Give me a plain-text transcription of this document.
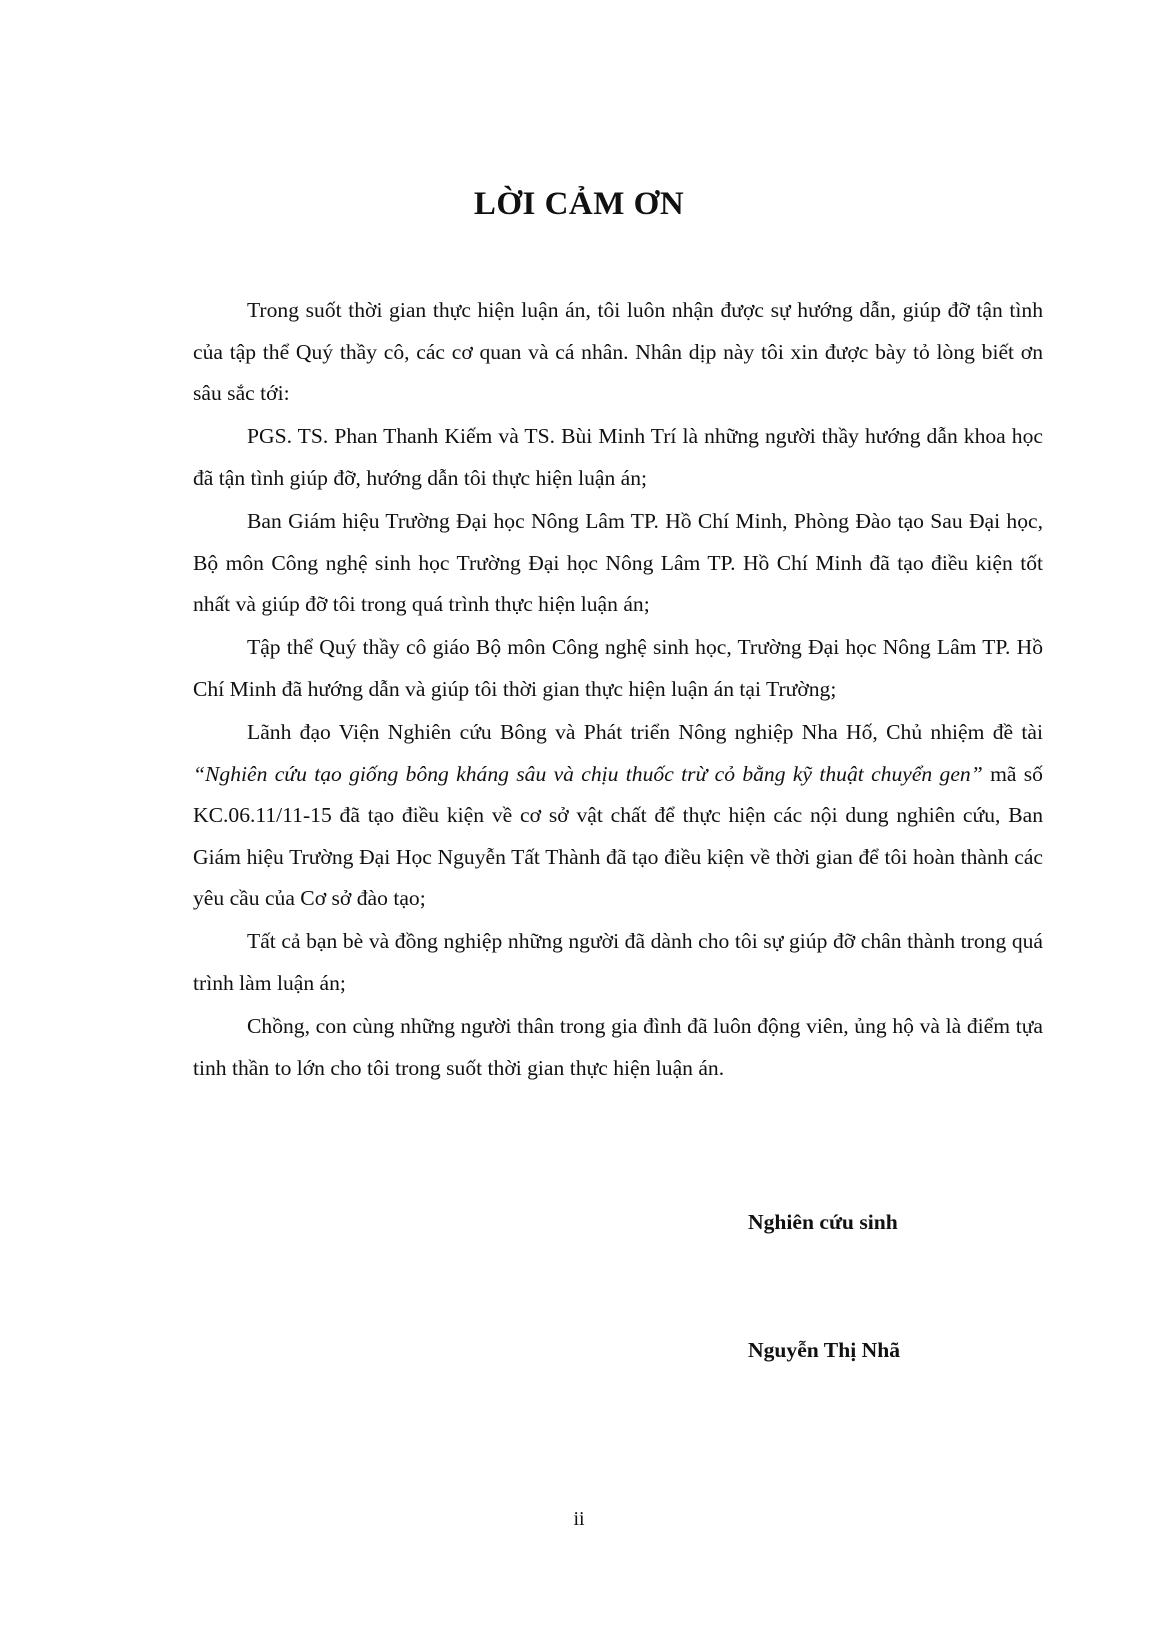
LỜI CẢM ƠN

Trong suốt thời gian thực hiện luận án, tôi luôn nhận được sự hướng dẫn, giúp đỡ tận tình của tập thể Quý thầy cô, các cơ quan và cá nhân. Nhân dịp này tôi xin được bày tỏ lòng biết ơn sâu sắc tới:

PGS. TS. Phan Thanh Kiếm và TS. Bùi Minh Trí là những người thầy hướng dẫn khoa học đã tận tình giúp đỡ, hướng dẫn tôi thực hiện luận án;

Ban Giám hiệu Trường Đại học Nông Lâm TP. Hồ Chí Minh, Phòng Đào tạo Sau Đại học, Bộ môn Công nghệ sinh học Trường Đại học Nông Lâm TP. Hồ Chí Minh đã tạo điều kiện tốt nhất và giúp đỡ tôi trong quá trình thực hiện luận án;

Tập thể Quý thầy cô giáo Bộ môn Công nghệ sinh học, Trường Đại học Nông Lâm TP. Hồ Chí Minh đã hướng dẫn và giúp tôi thời gian thực hiện luận án tại Trường;

Lãnh đạo Viện Nghiên cứu Bông và Phát triển Nông nghiệp Nha Hố, Chủ nhiệm đề tài “Nghiên cứu tạo giống bông kháng sâu và chịu thuốc trừ cỏ bằng kỹ thuật chuyển gen” mã số KC.06.11/11-15 đã tạo điều kiện về cơ sở vật chất để thực hiện các nội dung nghiên cứu, Ban Giám hiệu Trường Đại Học Nguyễn Tất Thành đã tạo điều kiện về thời gian để tôi hoàn thành các yêu cầu của Cơ sở đào tạo;

Tất cả bạn bè và đồng nghiệp những người đã dành cho tôi sự giúp đỡ chân thành trong quá trình làm luận án;

Chồng, con cùng những người thân trong gia đình đã luôn động viên, ủng hộ và là điểm tựa tinh thần to lớn cho tôi trong suốt thời gian thực hiện luận án.

Nghiên cứu sinh
Nguyễn Thị Nhã
ii
